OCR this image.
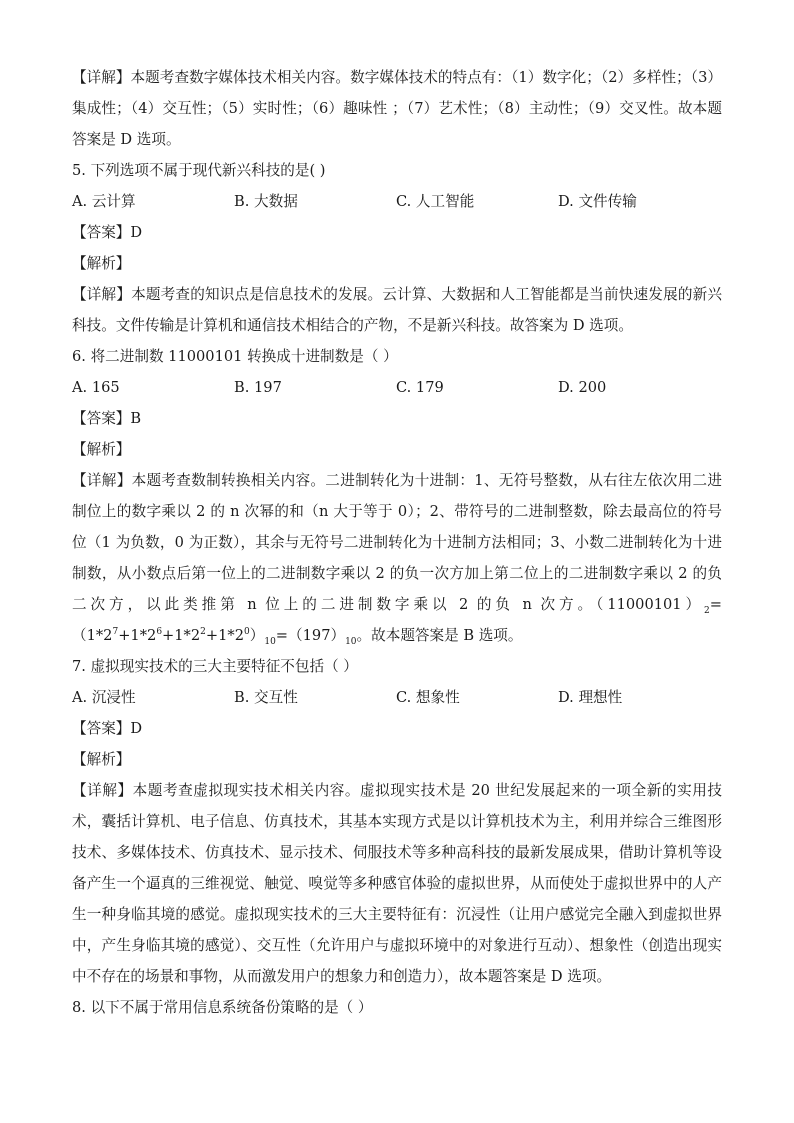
【详解】本题考查数字媒体技术相关内容。数字媒体技术的特点有：（1）数字化；（2）多样性；（3）集成性；（4）交互性；（5）实时性；（6）趣味性 ；（7）艺术性；（8）主动性；（9）交叉性。故本题答案是 D 选项。
5. 下列选项不属于现代新兴科技的是( )
A. 云计算	B. 大数据	C. 人工智能	D. 文件传输
【答案】D
【解析】
【详解】本题考查的知识点是信息技术的发展。云计算、大数据和人工智能都是当前快速发展的新兴科技。文件传输是计算机和通信技术相结合的产物，不是新兴科技。故答案为 D 选项。
6. 将二进制数 11000101 转换成十进制数是（ ）
A. 165	B. 197	C. 179	D. 200
【答案】B
【解析】
【详解】本题考查数制转换相关内容。二进制转化为十进制：1、无符号整数，从右往左依次用二进制位上的数字乘以 2 的 n 次幂的和（n 大于等于 0）；2、带符号的二进制整数，除去最高位的符号位（1 为负数，0 为正数），其余与无符号二进制转化为十进制方法相同；3、小数二进制转化为十进制数，从小数点后第一位上的二进制数字乘以 2 的负一次方加上第二位上的二进制数字乘以 2 的负二次方，以此类推第 n 位上的二进制数字乘以 2 的负 n 次方。$(11000101)_2=(1*2^7+1*2^6+1*2^2+1*2^0)_{10}=(197)_{10}$。故本题答案是 B 选项。
7. 虚拟现实技术的三大主要特征不包括（ ）
A. 沉浸性	B. 交互性	C. 想象性	D. 理想性
【答案】D
【解析】
【详解】本题考查虚拟现实技术相关内容。虚拟现实技术是 20 世纪发展起来的一项全新的实用技术，囊括计算机、电子信息、仿真技术，其基本实现方式是以计算机技术为主，利用并综合三维图形技术、多媒体技术、仿真技术、显示技术、伺服技术等多种高科技的最新发展成果，借助计算机等设备产生一个逼真的三维视觉、触觉、嗅觉等多种感官体验的虚拟世界，从而使处于虚拟世界中的人产生一种身临其境的感觉。虚拟现实技术的三大主要特征有：沉浸性（让用户感觉完全融入到虚拟世界中，产生身临其境的感觉）、交互性（允许用户与虚拟环境中的对象进行互动）、想象性（创造出现实中不存在的场景和事物，从而激发用户的想象力和创造力），故本题答案是 D 选项。
8. 以下不属于常用信息系统备份策略的是（ ）
